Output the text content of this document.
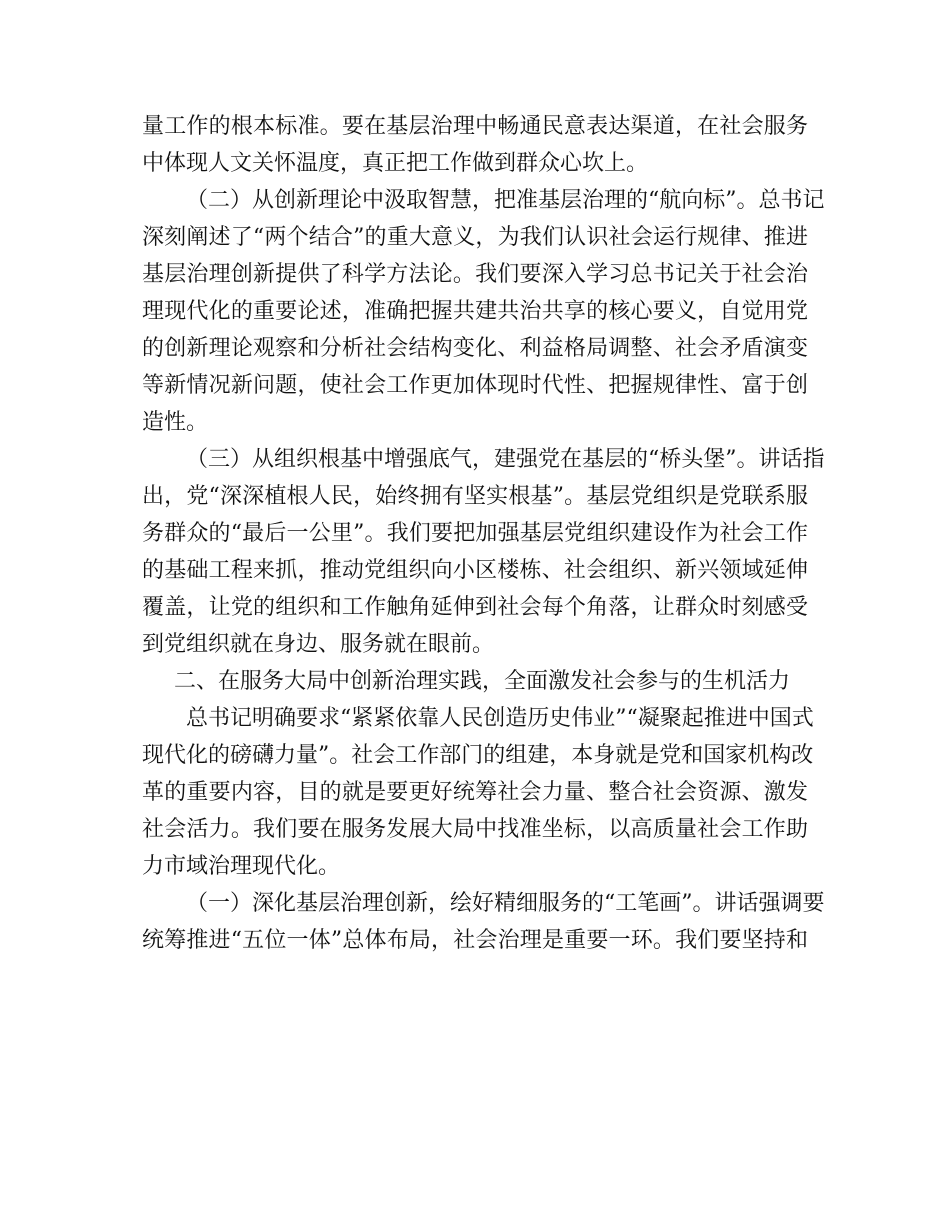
量工作的根本标准。要在基层治理中畅通民意表达渠道，在社会服务
中体现人文关怀温度，真正把工作做到群众心坎上。
（二）从创新理论中汲取智慧，把准基层治理的“航向标”。总书记
深刻阐述了“两个结合”的重大意义，为我们认识社会运行规律、推进
基层治理创新提供了科学方法论。我们要深入学习总书记关于社会治
理现代化的重要论述，准确把握共建共治共享的核心要义，自觉用党
的创新理论观察和分析社会结构变化、利益格局调整、社会矛盾演变
等新情况新问题，使社会工作更加体现时代性、把握规律性、富于创
造性。
（三）从组织根基中增强底气，建强党在基层的“桥头堡”。讲话指
出，党“深深植根人民，始终拥有坚实根基”。基层党组织是党联系服
务群众的“最后一公里”。我们要把加强基层党组织建设作为社会工作
的基础工程来抓，推动党组织向小区楼栋、社会组织、新兴领域延伸
覆盖，让党的组织和工作触角延伸到社会每个角落，让群众时刻感受
到党组织就在身边、服务就在眼前。
二、在服务大局中创新治理实践，全面激发社会参与的生机活力
总书记明确要求“紧紧依靠人民创造历史伟业”“凝聚起推进中国式
现代化的磅礴力量”。社会工作部门的组建，本身就是党和国家机构改
革的重要内容，目的就是要更好统筹社会力量、整合社会资源、激发
社会活力。我们要在服务发展大局中找准坐标，以高质量社会工作助
力市域治理现代化。
（一）深化基层治理创新，绘好精细服务的“工笔画”。讲话强调要
统筹推进“五位一体”总体布局，社会治理是重要一环。我们要坚持和
